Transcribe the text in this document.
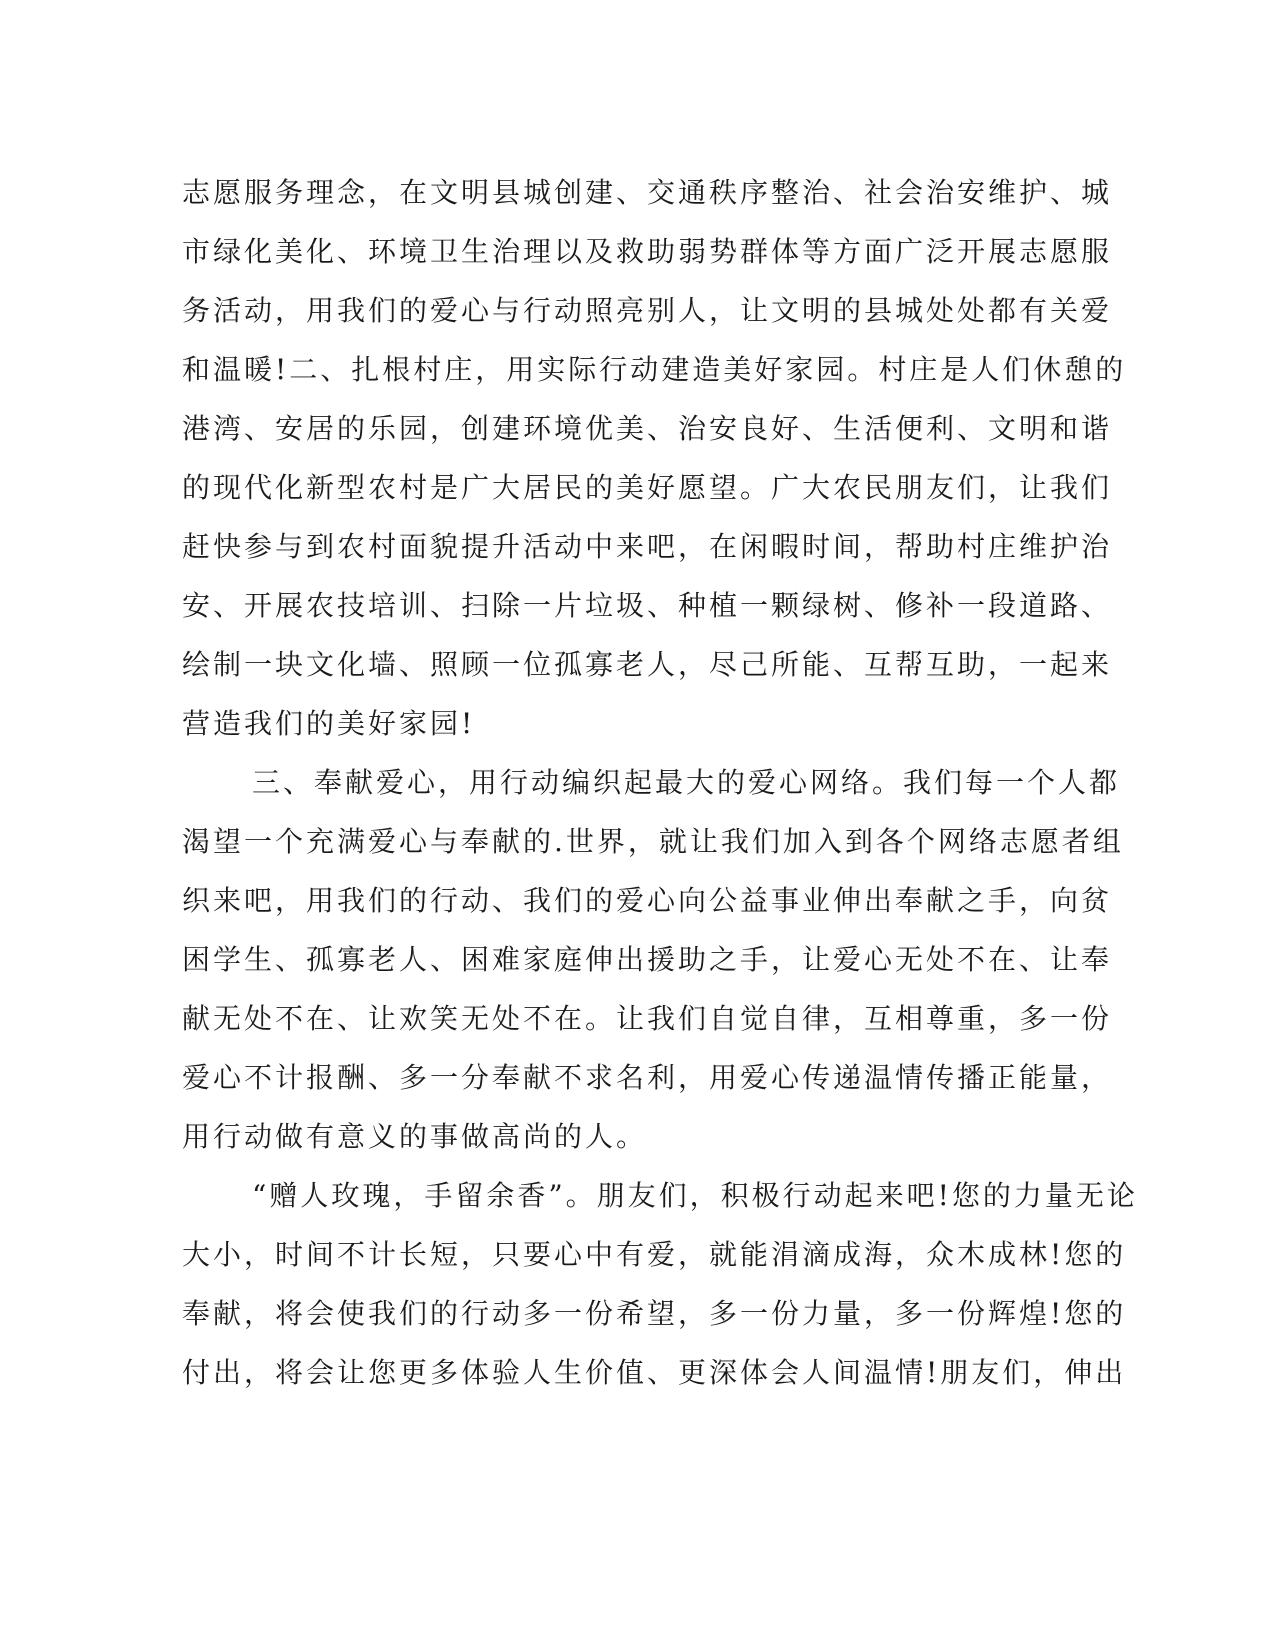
志愿服务理念，在文明县城创建、交通秩序整治、社会治安维护、城
市绿化美化、环境卫生治理以及救助弱势群体等方面广泛开展志愿服
务活动，用我们的爱心与行动照亮别人，让文明的县城处处都有关爱
和温暖!二、扎根村庄，用实际行动建造美好家园。村庄是人们休憩的
港湾、安居的乐园，创建环境优美、治安良好、生活便利、文明和谐
的现代化新型农村是广大居民的美好愿望。广大农民朋友们，让我们
赶快参与到农村面貌提升活动中来吧，在闲暇时间，帮助村庄维护治
安、开展农技培训、扫除一片垃圾、种植一颗绿树、修补一段道路、
绘制一块文化墙、照顾一位孤寡老人，尽己所能、互帮互助，一起来
营造我们的美好家园!
三、奉献爱心，用行动编织起最大的爱心网络。我们每一个人都
渴望一个充满爱心与奉献的.世界，就让我们加入到各个网络志愿者组
织来吧，用我们的行动、我们的爱心向公益事业伸出奉献之手，向贫
困学生、孤寡老人、困难家庭伸出援助之手，让爱心无处不在、让奉
献无处不在、让欢笑无处不在。让我们自觉自律，互相尊重，多一份
爱心不计报酬、多一分奉献不求名利，用爱心传递温情传播正能量，
用行动做有意义的事做高尚的人。
“赠人玫瑰，手留余香”。朋友们，积极行动起来吧!您的力量无论
大小，时间不计长短，只要心中有爱，就能涓滴成海，众木成林!您的
奉献，将会使我们的行动多一份希望，多一份力量，多一份辉煌!您的
付出，将会让您更多体验人生价值、更深体会人间温情!朋友们，伸出
